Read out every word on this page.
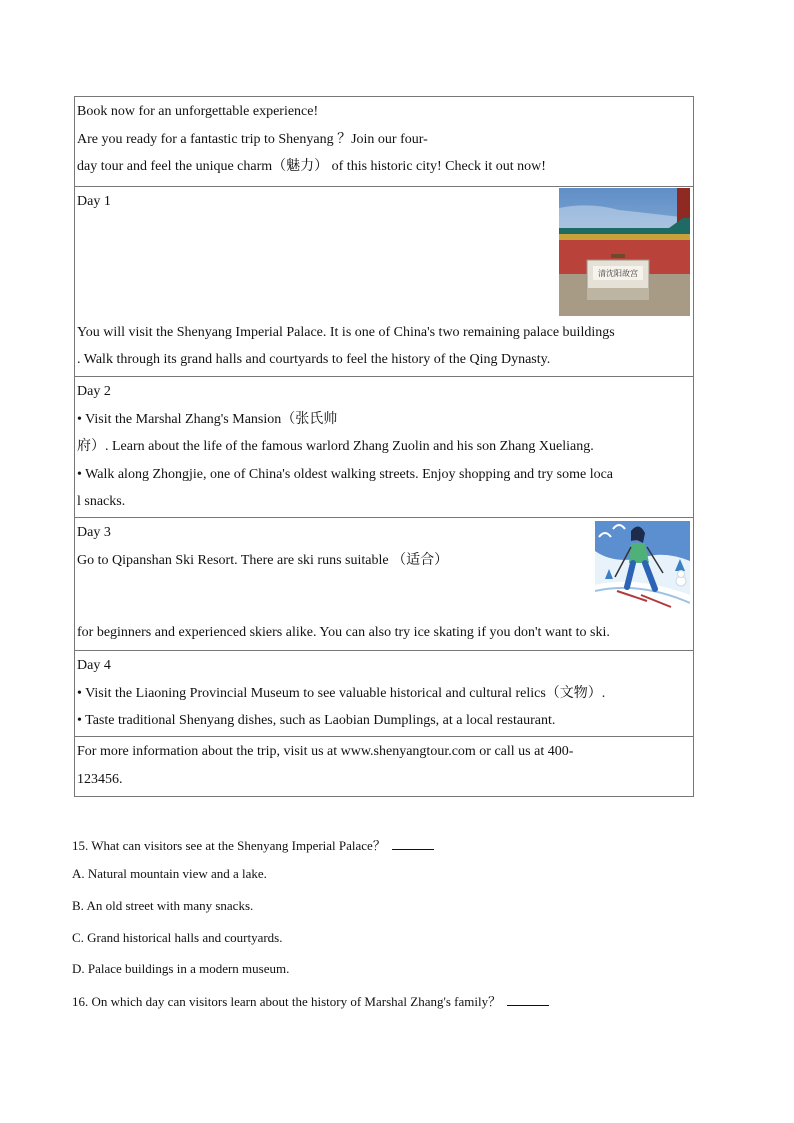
Book now for an unforgettable experience!
Are you ready for a fantastic trip to Shenyang ？Join our four-
day tour and feel the unique charm（魅力） of this historic city! Check it out now!
Day 1
清沈阳故宫
You will visit the Shenyang Imperial Palace. It is one of China's two remaining palace buildings
. Walk through its grand halls and courtyards to feel the history of the Qing Dynasty.
Day 2
• Visit the Marshal Zhang's Mansion（张氏帅
府）. Learn about the life of the famous warlord Zhang Zuolin and his son Zhang Xueliang.
• Walk along Zhongjie, one of China's oldest walking streets. Enjoy shopping and try some loca
l snacks.
Day 3
Go to Qipanshan Ski Resort. There are ski runs suitable （适合）
for beginners and experienced skiers alike. You can also try ice skating if you don't want to ski.
Day 4
• Visit the Liaoning Provincial Museum to see valuable historical and cultural relics（文物）.
• Taste traditional Shenyang dishes, such as Laobian Dumplings, at a local restaurant.
For more information about the trip, visit us at www.shenyangtour.com or call us at 400-
123456.
15. What can visitors see at the Shenyang Imperial Palace？
A. Natural mountain view and a lake.
B. An old street with many snacks.
C. Grand historical halls and courtyards.
D. Palace buildings in a modern museum.
16. On which day can visitors learn about the history of Marshal Zhang's family？
